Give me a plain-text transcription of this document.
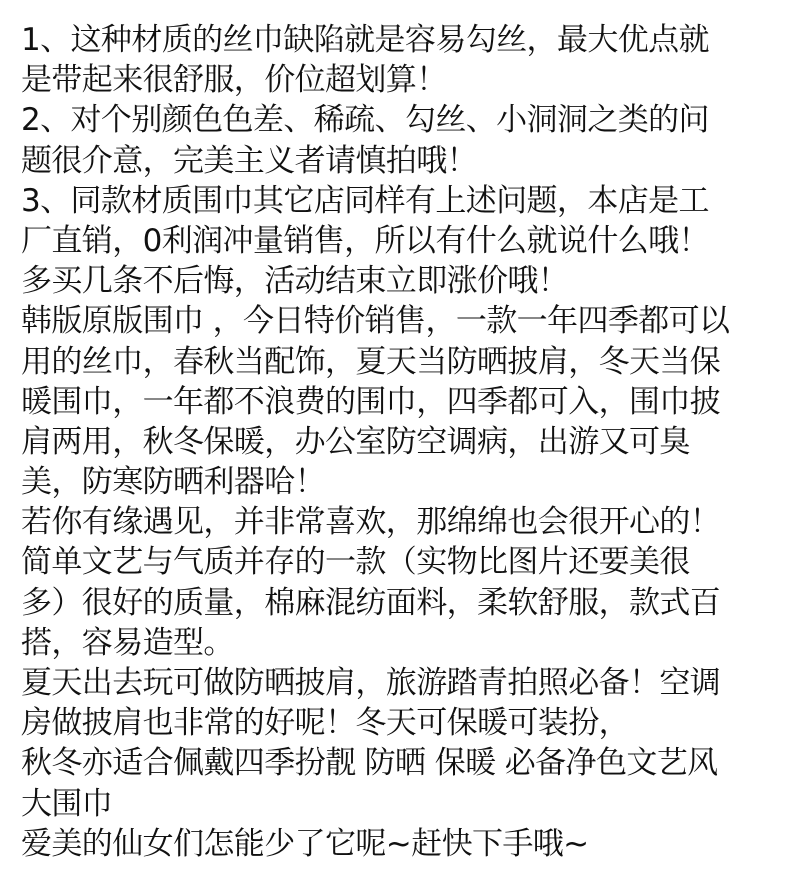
1、这种材质的丝巾缺陷就是容易勾丝，最大优点就
是带起来很舒服，价位超划算！
2、对个别颜色色差、稀疏、勾丝、小洞洞之类的问
题很介意，完美主义者请慎拍哦！
3、同款材质围巾其它店同样有上述问题，本店是工
厂直销，0利润冲量销售，所以有什么就说什么哦！
多买几条不后悔，活动结束立即涨价哦！
韩版原版围巾 ，今日特价销售，一款一年四季都可以
用的丝巾，春秋当配饰，夏天当防晒披肩，冬天当保
暖围巾，一年都不浪费的围巾，四季都可入，围巾披
肩两用，秋冬保暖，办公室防空调病，出游又可臭
美，防寒防晒利器哈！
若你有缘遇见，并非常喜欢，那绵绵也会很开心的！
简单文艺与气质并存的一款（实物比图片还要美很
多）很好的质量，棉麻混纺面料，柔软舒服，款式百
搭，容易造型。
夏天出去玩可做防晒披肩，旅游踏青拍照必备！空调
房做披肩也非常的好呢！冬天可保暖可装扮，
秋冬亦适合佩戴四季扮靓 防晒 保暖 必备净色文艺风
大围巾
爱美的仙女们怎能少了它呢~赶快下手哦~
